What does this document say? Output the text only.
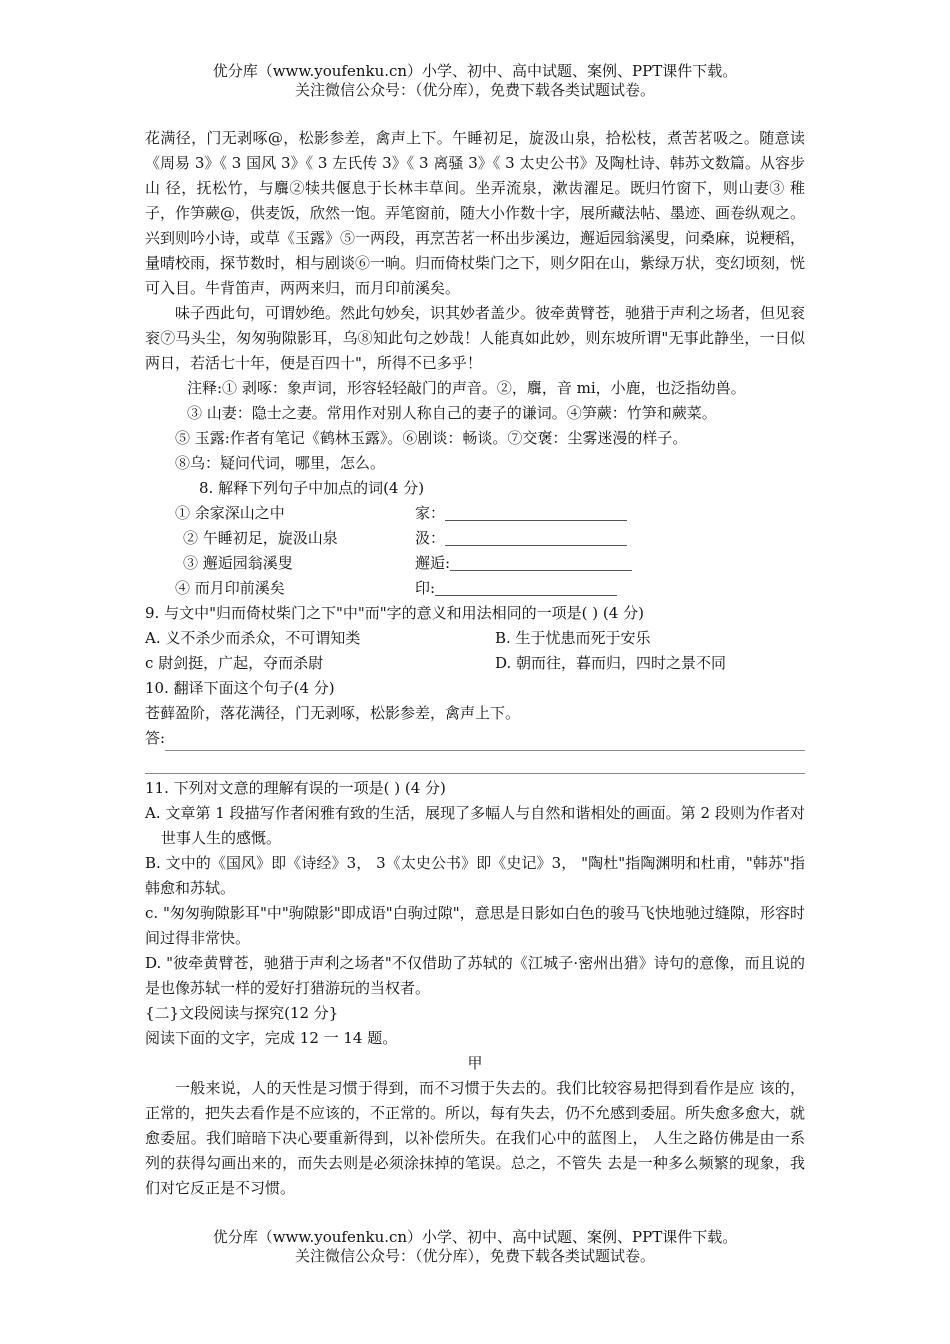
优分库（www.youfenku.cn）小学、初中、高中试题、案例、PPT课件下载。
关注微信公众号：（优分库），免费下载各类试题试卷。

花满径，门无剥啄@，松影参差，禽声上下。午睡初足，旋汲山泉，拾松枝，煮苦茗吸之。随意读《周易 3》《 3 国风 3》《 3 左氏传 3》《 3 离骚 3》《 3 太史公书》及陶杜诗、韩苏文数篇。从容步山 径，抚松竹，与麛②犊共偃息于长林丰草间。坐弄流泉，漱齿濯足。既归竹窗下，则山妻③ 稚子，作笋蕨@，供麦饭，欣然一饱。弄笔窗前，随大小作数十字，展所藏法帖、墨迹、画卷纵观之。兴到则吟小诗，或草《玉露》⑤一两段，再烹苦茗一杯出步溪边，邂逅园翁溪叟，问桑麻，说粳稻，量晴校雨，探节数时，相与剧谈⑥一晌。归而倚杖柴门之下，则夕阳在山，紫绿万状，变幻顷刻，恍可入目。牛背笛声，两两来归，而月印前溪矣。

味子西此句，可谓妙绝。然此句妙矣，识其妙者盖少。彼牵黄臂苍，驰猎于声利之场者，但见衮衮⑦马头尘，匆匆驹隙影耳，乌⑧知此句之妙哉！人能真如此妙，则东坡所谓"无事此静坐，一日似两日，若活七十年，便是百四十"，所得不已多乎！

注释:① 剥啄：象声词，形容轻轻敲门的声音。②，麛，音 mi，小鹿，也泛指幼兽。

③ 山妻：隐士之妻。常用作对别人称自己的妻子的谦词。④笋蕨：竹笋和蕨菜。

⑤ 玉露:作者有笔记《鹤林玉露》。⑥剧谈：畅谈。⑦交褒：尘雾迷漫的样子。

⑧乌：疑问代词，哪里，怎么。

8. 解释下列句子中加点的词(4 分)

① 余家深山之中	家：
② 午睡初足，旋汲山泉	汲：
③ 邂逅园翁溪叟	邂逅:
④ 而月印前溪矣	印:

9. 与文中"归而倚杖柴门之下"中"而"字的意义和用法相同的一项是( ) (4 分)

A. 义不杀少而杀众，不可谓知类	B. 生于忧患而死于安乐
c 尉剑挺，广起，夺而杀尉	D. 朝而往，暮而归，四时之景不同

10. 翻译下面这个句子(4 分)

苍藓盈阶，落花满径，门无剥啄，松影参差，禽声上下。

答:

11. 下列对文意的理解有误的一项是( ) (4 分)

A. 文章第 1 段描写作者闲雅有致的生活，展现了多幅人与自然和谐相处的画面。第 2 段则为作者对世事人生的感慨。

B. 文中的《国风》即《诗经》3， 3《太史公书》即《史记》3， "陶杜"指陶渊明和杜甫，"韩苏"指韩愈和苏轼。

c. "匆匆驹隙影耳"中"驹隙影"即成语"白驹过隙"，意思是日影如白色的骏马飞快地驰过缝隙，形容时间过得非常快。

D. "彼牵黄臂苍，驰猎于声利之场者"不仅借助了苏轼的《江城子·密州出猎》诗句的意像，而且说的是也像苏轼一样的爱好打猎游玩的当权者。

{二}文段阅读与探究(12 分}

阅读下面的文字，完成 12 一 14 题。

甲

一般来说，人的天性是习惯于得到，而不习惯于失去的。我们比较容易把得到看作是应 该的，正常的，把失去看作是不应该的，不正常的。所以，每有失去，仍不允感到委屈。所失愈多愈大，就愈委屈。我们暗暗下决心要重新得到，以补偿所失。在我们心中的蓝图上， 人生之路仿佛是由一系列的获得勾画出来的，而失去则是必须涂抹掉的笔误。总之，不管失 去是一种多么频繁的现象，我们对它反正是不习惯。

优分库（www.youfenku.cn）小学、初中、高中试题、案例、PPT课件下载。
关注微信公众号：（优分库），免费下载各类试题试卷。
